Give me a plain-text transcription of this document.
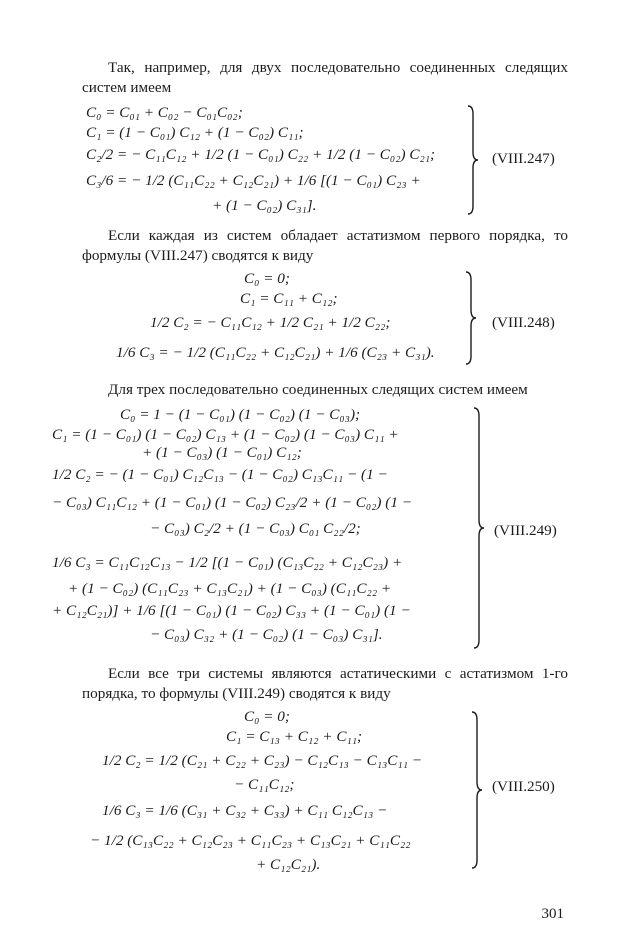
Так, например, для двух последовательно соединенных следящих систем имеем
C₀ = C₀₁ + C₀₂ − C₀₁C₀₂;
C₁ = (1 − C₀₁) C₁₂ + (1 − C₀₂) C₁₁;
C₂/2 = − C₁₁C₁₂ + 1/2 (1 − C₀₁) C₂₂ + 1/2 (1 − C₀₂) C₂₁;
C₃/6 = − 1/2 (C₁₁C₂₂ + C₁₂C₂₁) + 1/6 [(1 − C₀₁) C₂₃ +
+ (1 − C₀₂) C₃₁].
(VIII.247)
Если каждая из систем обладает астатизмом первого порядка, то формулы (VIII.247) сводятся к виду
C₀ = 0;
C₁ = C₁₁ + C₁₂;
1/2 C₂ = − C₁₁C₁₂ + 1/2 C₂₁ + 1/2 C₂₂;
1/6 C₃ = − 1/2 (C₁₁C₂₂ + C₁₂C₂₁) + 1/6 (C₂₃ + C₃₁).
(VIII.248)
Для трех последовательно соединенных следящих систем имеем
C₀ = 1 − (1 − C₀₁) (1 − C₀₂) (1 − C₀₃);
C₁ = (1 − C₀₁) (1 − C₀₂) C₁₃ + (1 − C₀₂) (1 − C₀₃) C₁₁ +
+ (1 − C₀₃) (1 − C₀₁) C₁₂;
1/2 C₂ = − (1 − C₀₁) C₁₂C₁₃ − (1 − C₀₂) C₁₃C₁₁ − (1 −
− C₀₃) C₁₁C₁₂ + (1 − C₀₁) (1 − C₀₂) C₂₃/2 + (1 − C₀₂) (1 −
− C₀₃) C₂/2 + (1 − C₀₃) C₀₁ C₂₂/2;
1/6 C₃ = C₁₁C₁₂C₁₃ − 1/2 [(1 − C₀₁) (C₁₃C₂₂ + C₁₂C₂₃) +
+ (1 − C₀₂) (C₁₁C₂₃ + C₁₃C₂₁) + (1 − C₀₃) (C₁₁C₂₂ +
+ C₁₂C₂₁)] + 1/6 [(1 − C₀₁) (1 − C₀₂) C₃₃ + (1 − C₀₁) (1 −
− C₀₃) C₃₂ + (1 − C₀₂) (1 − C₀₃) C₃₁].
(VIII.249)
Если все три системы являются астатическими с астатизмом 1-го порядка, то формулы (VIII.249) сводятся к виду
C₀ = 0;
C₁ = C₁₃ + C₁₂ + C₁₁;
1/2 C₂ = 1/2 (C₂₁ + C₂₂ + C₂₃) − C₁₂C₁₃ − C₁₃C₁₁ −
− C₁₁C₁₂;
1/6 C₃ = 1/6 (C₃₁ + C₃₂ + C₃₃) + C₁₁ C₁₂C₁₃ −
− 1/2 (C₁₃C₂₂ + C₁₂C₂₃ + C₁₁C₂₃ + C₁₃C₂₁ + C₁₁C₂₂
+ C₁₂C₂₁).
(VIII.250)
301
